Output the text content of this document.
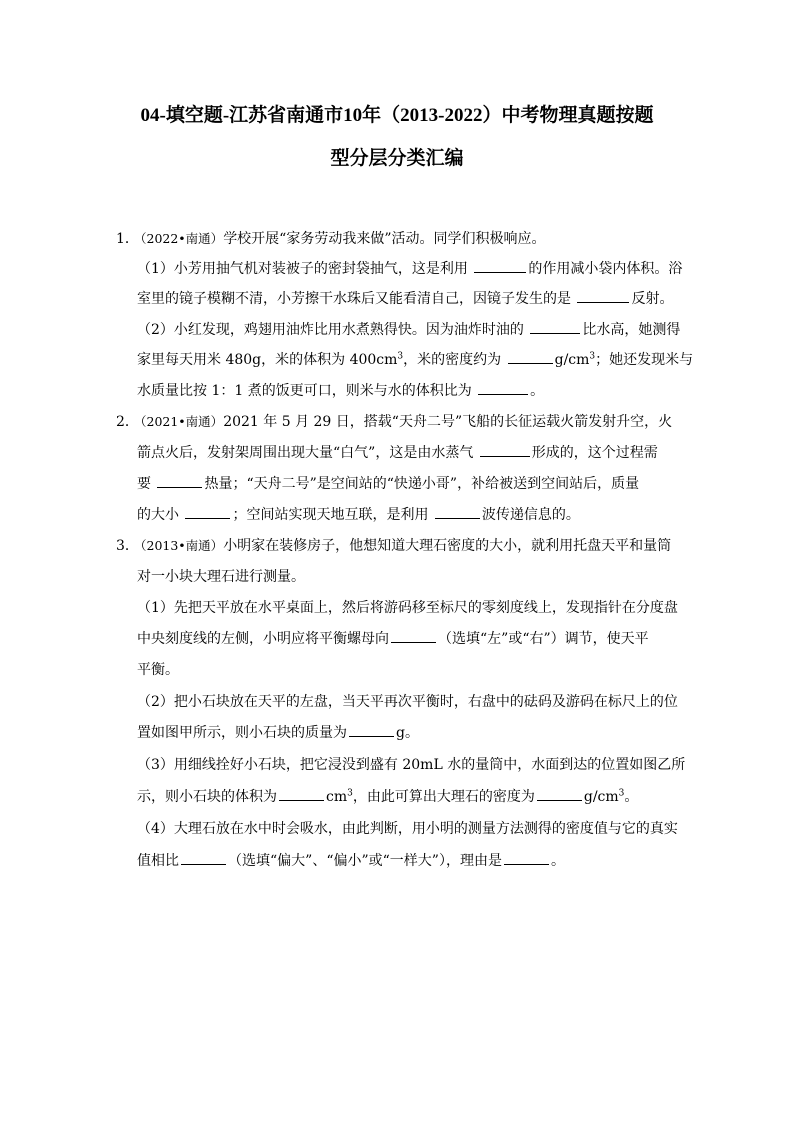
04-填空题-江苏省南通市10年（2013-2022）中考物理真题按题
型分层分类汇编
1．（2022•南通）学校开展“家务劳动我来做”活动。同学们积极响应。
（1）小芳用抽气机对装被子的密封袋抽气，这是利用	的作用减小袋内体积。浴
室里的镜子模糊不清，小芳擦干水珠后又能看清自己，因镜子发生的是	反射。
（2）小红发现，鸡翅用油炸比用水煮熟得快。因为油炸时油的	比水高，她测得
家里每天用米 480g，米的体积为 $400cm^3$，米的密度约为	$g/cm^3$；她还发现米与
水质量比按 1：1 煮的饭更可口，则米与水的体积比为	。
2．（2021•南通）2021 年 5 月 29 日，搭载“天舟二号”飞船的长征运载火箭发射升空，火
箭点火后，发射架周围出现大量“白气”，这是由水蒸气	形成的，这个过程需
要	热量；“天舟二号”是空间站的“快递小哥”，补给被送到空间站后，质量
的大小	；空间站实现天地互联，是利用	波传递信息的。
3．（2013•南通）小明家在装修房子，他想知道大理石密度的大小，就利用托盘天平和量筒
对一小块大理石进行测量。
（1）先把天平放在水平桌面上，然后将游码移至标尺的零刻度线上，发现指针在分度盘
中央刻度线的左侧，小明应将平衡螺母向	（选填“左”或“右”）调节，使天平
平衡。
（2）把小石块放在天平的左盘，当天平再次平衡时，右盘中的砝码及游码在标尺上的位
置如图甲所示，则小石块的质量为	g。
（3）用细线拴好小石块，把它浸没到盛有 20mL 水的量筒中，水面到达的位置如图乙所
示，则小石块的体积为	$cm^3$，由此可算出大理石的密度为	$g/cm^3$。
（4）大理石放在水中时会吸水，由此判断，用小明的测量方法测得的密度值与它的真实
值相比	（选填“偏大”、“偏小”或“一样大”），理由是	。
